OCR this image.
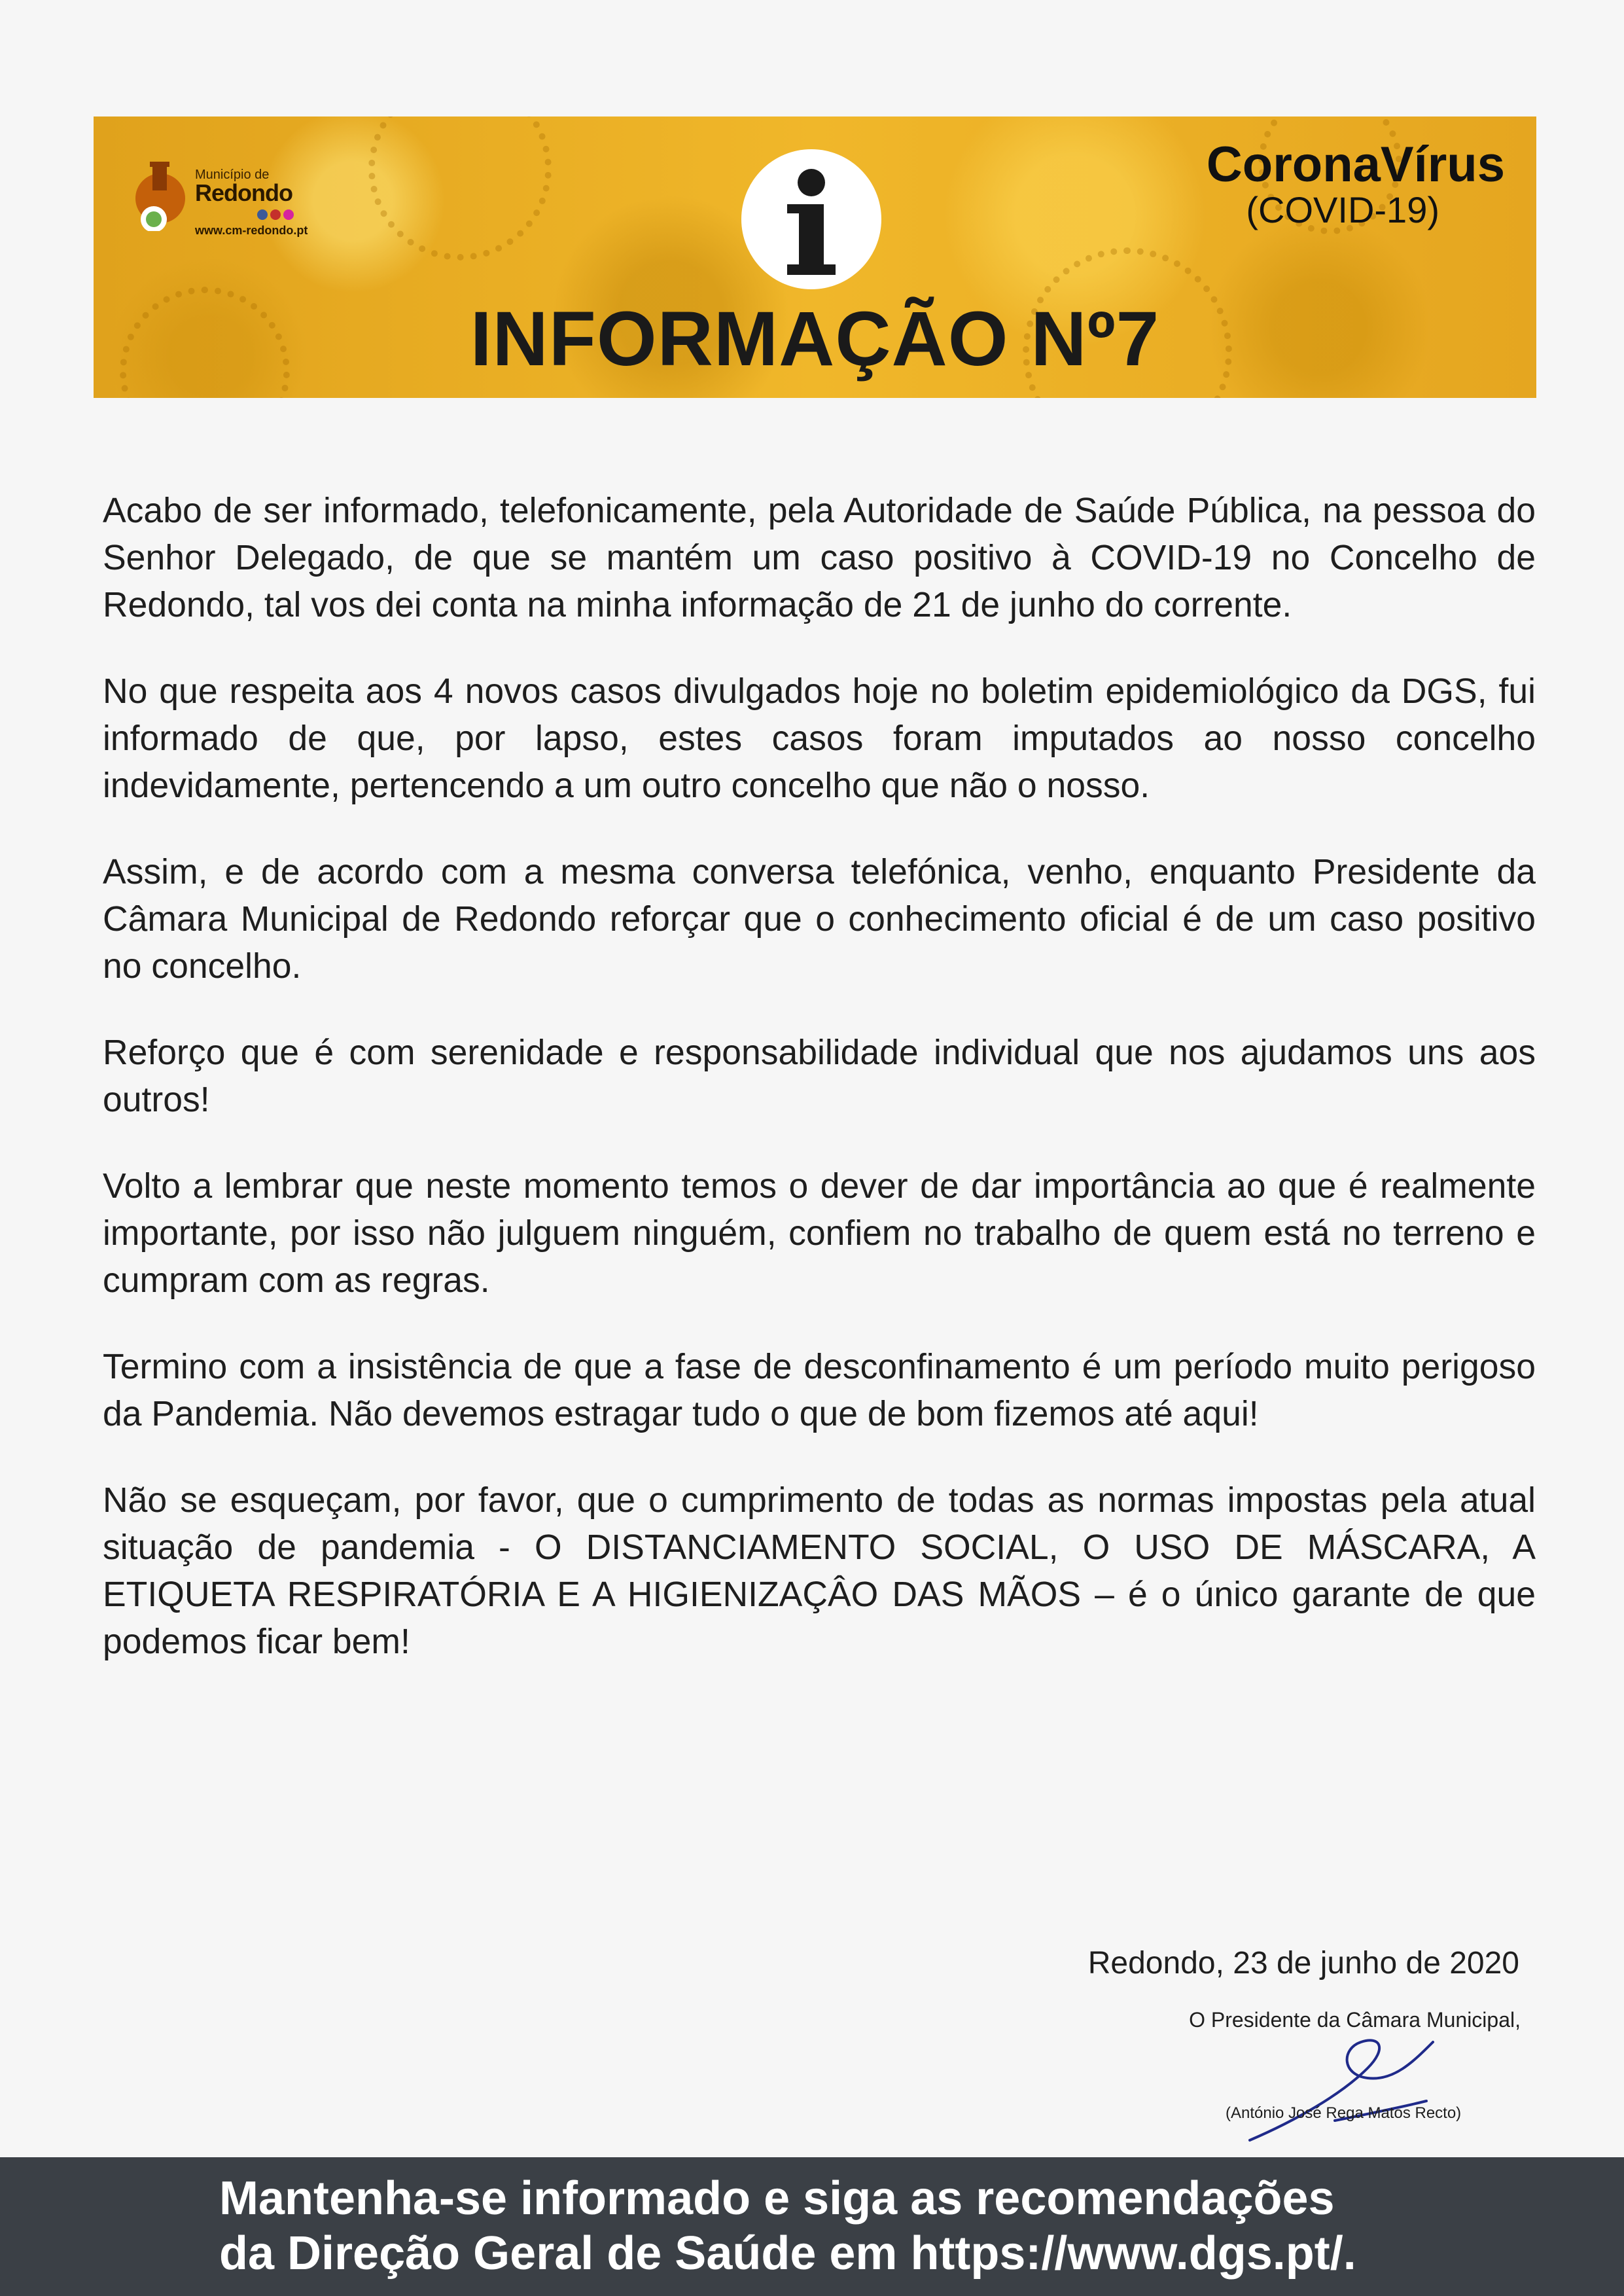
Município de
Redondo
www.cm-redondo.pt
INFORMAÇÃO Nº7
CoronaVírus
(COVID-19)

Acabo de ser informado, telefonicamente, pela Autoridade de Saúde Pública, na pessoa do Senhor Delegado, de que se mantém um caso positivo à COVID-19 no Concelho de Redondo, tal vos dei conta na minha informação de 21 de junho do corrente.

No que respeita aos 4 novos casos divulgados hoje no boletim epidemiológico da DGS, fui informado de que, por lapso, estes casos foram imputados ao nosso concelho indevidamente, pertencendo a um outro concelho que não o nosso.

Assim, e de acordo com a mesma conversa telefónica, venho, enquanto Presidente da Câmara Municipal de Redondo reforçar que o conhecimento oficial é de um caso positivo no concelho.

Reforço que é com serenidade e responsabilidade individual que nos ajudamos uns aos outros!

Volto a lembrar que neste momento temos o dever de dar importância ao que é realmente importante, por isso não julguem ninguém, confiem no trabalho de quem está no terreno e cumpram com as regras.

Termino com a insistência de que a fase de desconfinamento é um período muito perigoso da Pandemia. Não devemos estragar tudo o que de bom fizemos até aqui!

Não se esqueçam, por favor, que o cumprimento de todas as normas impostas pela atual situação de pandemia - O DISTANCIAMENTO SOCIAL, O USO DE MÁSCARA, A ETIQUETA RESPIRATÓRIA E A HIGIENIZAÇÂO DAS MÃOS – é o único garante de que podemos ficar bem!

Redondo, 23 de junho de 2020
O Presidente da Câmara Municipal,
(António José Rega Matos Recto)
Mantenha-se informado e siga as recomendações
da Direção Geral de Saúde em https://www.dgs.pt/.
